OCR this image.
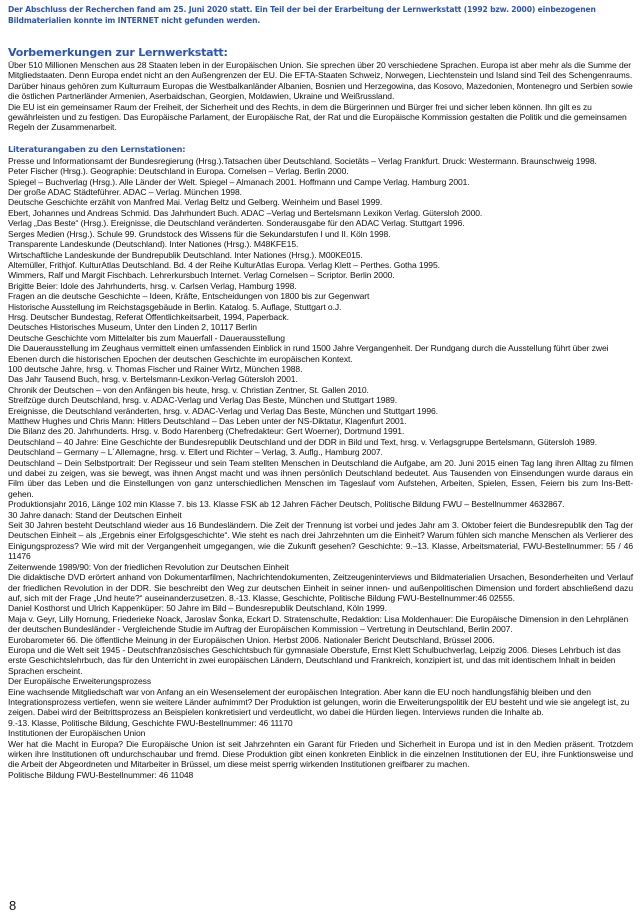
Der Abschluss der Recherchen fand am 25. Juni 2020 statt. Ein Teil der bei der Erarbeitung der Lernwerkstatt (1992 bzw. 2000) einbezogenen Bildmaterialien konnte im INTERNET nicht gefunden werden.
Vorbemerkungen zur Lernwerkstatt:

Über 510 Millionen Menschen aus 28 Staaten leben in der Europäischen Union. Sie sprechen über 20 verschiedene Sprachen. Europa ist aber mehr als die Summe der Mitgliedstaaten. Denn Europa endet nicht an den Außengrenzen der EU. Die EFTA-Staaten Schweiz, Norwegen, Liechtenstein und Island sind Teil des Schengenraums. Darüber hinaus gehören zum Kulturraum Europas die Westbalkanländer Albanien, Bosnien und Herzegowina, das Kosovo, Mazedonien, Montenegro und Serbien sowie die östlichen Partnerländer Armenien, Aserbaidschan, Georgien, Moldawien, Ukraine und Weißrussland.

Die EU ist ein gemeinsamer Raum der Freiheit, der Sicherheit und des Rechts, in dem die Bürgerinnen und Bürger frei und sicher leben können. Ihn gilt es zu gewährleisten und zu festigen. Das Europäische Parlament, der Europäische Rat, der Rat und die Europäische Kommission gestalten die Politik und die gemeinsamen Regeln der Zusammenarbeit.

Literaturangaben zu den Lernstationen:

Presse und Informationsamt der Bundesregierung (Hrsg.).Tatsachen über Deutschland. Societäts – Verlag Frankfurt. Druck: Westermann. Braunschweig 1998.

Peter Fischer (Hrsg.). Geographie: Deutschland in Europa. Cornelsen – Verlag. Berlin 2000.

Spiegel – Buchverlag (Hrsg.). Alle Länder der Welt. Spiegel – Almanach 2001. Hoffmann und Campe Verlag. Hamburg 2001.

Der große ADAC Städteführer. ADAC – Verlag. München 1998.

Deutsche Geschichte erzählt von Manfred Mai. Verlag Beltz und Gelberg. Weinheim und Basel 1999.

Ebert, Johannes und Andreas Schmid. Das Jahrhundert Buch. ADAC –Verlag und Bertelsmann Lexikon Verlag. Gütersloh 2000.

Verlag „Das Beste“ (Hrsg.). Ereignisse, die Deutschland veränderten. Sonderausgabe für den ADAC Verlag. Stuttgart 1996.

Serges Medien (Hrsg.). Schule 99. Grundstock des Wissens für die Sekundarstufen I und II. Köln 1998.

Transparente Landeskunde (Deutschland). Inter Nationes (Hrsg.). M48KFE15.

Wirtschaftliche Landeskunde der Bundrepublik Deutschland. Inter Nationes (Hrsg.). M00KE015.

Altemüller, Frithjof. KulturAtlas Deutschland. Bd. 4 der Reihe KulturAtlas Europa. Verlag Klett – Perthes. Gotha 1995.

Wimmers, Ralf und Margit Fischbach. Lehrerkursbuch Internet. Verlag Cornelsen – Scriptor. Berlin 2000.

Brigitte Beier: Idole des Jahrhunderts, hrsg. v. Carlsen Verlag, Hamburg 1998.

Fragen an die deutsche Geschichte – Ideen, Kräfte, Entscheidungen von 1800 bis zur Gegenwart

Historische Ausstellung im Reichstagsgebäude in Berlin. Katalog. 5. Auflage, Stuttgart o.J.

Hrsg. Deutscher Bundestag, Referat Öffentlichkeitsarbeit, 1994, Paperback.

Deutsches Historisches Museum, Unter den Linden 2, 10117 Berlin

Deutsche Geschichte vom Mittelalter bis zum Mauerfall - Dauerausstellung

Die Dauerausstellung im Zeughaus vermittelt einen umfassenden Einblick in rund 1500 Jahre Vergangenheit. Der Rundgang durch die Ausstellung führt über zwei Ebenen durch die historischen Epochen der deutschen Geschichte im europäischen Kontext.

100 deutsche Jahre, hrsg. v. Thomas Fischer und Rainer Wirtz, München 1988.

Das Jahr Tausend Buch, hrsg. v. Bertelsmann-Lexikon-Verlag Gütersloh 2001.

Chronik der Deutschen – von den Anfängen bis heute, hrsg. v. Christian Zentner, St. Gallen 2010.

Streifzüge durch Deutschland, hrsg. v. ADAC-Verlag und Verlag Das Beste, München und Stuttgart 1989.

Ereignisse, die Deutschland veränderten, hrsg. v. ADAC-Verlag und Verlag Das Beste, München und Stuttgart 1996.

Matthew Hughes und Chris Mann: Hitlers Deutschland – Das Leben unter der NS-Diktatur, Klagenfurt 2001.

Die Bilanz des 20. Jahrhunderts. Hrsg. v. Bodo Harenberg (Chefredakteur: Gert Woerner), Dortmund 1991.

Deutschland – 40 Jahre: Eine Geschichte der Bundesrepublik Deutschland und der DDR in Bild und Text, hrsg. v. Verlagsgruppe Bertelsmann, Gütersloh 1989.

Deutschland – Germany – L´Allemagne, hrsg. v. Ellert und Richter – Verlag, 3. Auflg., Hamburg 2007.

Deutschland – Dein Selbstportrait: Der Regisseur und sein Team stellten Menschen in Deutschland die Aufgabe, am 20. Juni 2015 einen Tag lang ihren Alltag zu filmen und dabei zu zeigen, was sie bewegt, was ihnen Angst macht und was ihnen persönlich Deutschland bedeutet. Aus Tausenden von Einsendungen wurde daraus ein Film über das Leben und die Einstellungen von ganz unterschiedlichen Menschen im Tageslauf vom Aufstehen, Arbeiten, Spielen, Essen, Feiern bis zum Ins-Bett-gehen.

Produktionsjahr 2016, Länge 102 min Klasse 7. bis 13. Klasse FSK ab 12 Jahren Fächer Deutsch, Politische Bildung FWU – Bestellnummer 4632867.

30 Jahre danach: Stand der Deutschen Einheit

Seit 30 Jahren besteht Deutschland wieder aus 16 Bundesländern. Die Zeit der Trennung ist vorbei und jedes Jahr am 3. Oktober feiert die Bundesrepublik den Tag der Deutschen Einheit – als „Ergebnis einer Erfolgsgeschichte“. Wie steht es nach drei Jahrzehnten um die Einheit? Warum fühlen sich manche Menschen als Verlierer des Einigungsprozess? Wie wird mit der Vergangenheit umgegangen, wie die Zukunft gesehen? Geschichte: 9.–13. Klasse, Arbeitsmaterial, FWU-Bestellnummer: 55 / 46 11476

Zeitenwende 1989/90: Von der friedlichen Revolution zur Deutschen Einheit

Die didaktische DVD erörtert anhand von Dokumentarfilmen, Nachrichtendokumenten, Zeitzeugeninterviews und Bildmaterialien Ursachen, Besonderheiten und Verlauf der friedlichen Revolution in der DDR. Sie beschreibt den Weg zur deutschen Einheit in seiner innen- und außenpolitischen Dimension und fordert abschließend dazu auf, sich mit der Frage „Und heute?“ auseinanderzusetzen. 8.-13. Klasse, Geschichte, Politische Bildung FWU-Bestellnummer:46 02555.

Daniel Kosthorst und Ulrich Kappenküper: 50 Jahre im Bild – Bundesrepublik Deutschland, Köln 1999.

Maja v. Geyr, Lilly Hornung, Friederieke Noack, Jaroslav Šonka, Eckart D. Stratenschulte, Redaktion: Lisa Moldenhauer: Die Europäische Dimension in den Lehrplänen der deutschen Bundesländer - Vergleichende Studie im Auftrag der Europäischen Kommission – Vertretung in Deutschland, Berlin 2007.

Eurobarometer 66. Die öffentliche Meinung in der Europäischen Union. Herbst 2006. Nationaler Bericht Deutschland, Brüssel 2006.

Europa und die Welt seit 1945 - Deutschfranzösisches Geschichtsbuch für gymnasiale Oberstufe, Ernst Klett Schulbuchverlag, Leipzig 2006. Dieses Lehrbuch ist das erste Geschichtslehrbuch, das für den Unterricht in zwei europäischen Ländern, Deutschland und Frankreich, konzipiert ist, und das mit identischem Inhalt in beiden Sprachen erscheint.

Der Europäische Erweiterungsprozess

Eine wachsende Mitgliedschaft war von Anfang an ein Wesenselement der europäischen Integration. Aber kann die EU noch handlungsfähig bleiben und den Integrationsprozess vertiefen, wenn sie weitere Länder aufnimmt? Der Produktion ist gelungen, worin die Erweiterungspolitik der EU besteht und wie sie angelegt ist, zu zeigen. Dabei wird der Beitrittsprozess an Beispielen konkretisiert und verdeutlicht, wo dabei die Hürden liegen. Interviews runden die Inhalte ab.

9.-13. Klasse, Politische Bildung, Geschichte FWU-Bestellnummer: 46 11170

Institutionen der Europäischen Union

Wer hat die Macht in Europa? Die Europäische Union ist seit Jahrzehnten ein Garant für Frieden und Sicherheit in Europa und ist in den Medien präsent. Trotzdem wirken ihre Institutionen oft undurchschaubar und fremd. Diese Produktion gibt einen konkreten Einblick in die einzelnen Institutionen der EU, ihre Funktionsweise und die Arbeit der Abgeordneten und Mitarbeiter in Brüssel, um diese meist sperrig wirkenden Institutionen greifbarer zu machen.

Politische Bildung FWU-Bestellnummer: 46 11048

8
